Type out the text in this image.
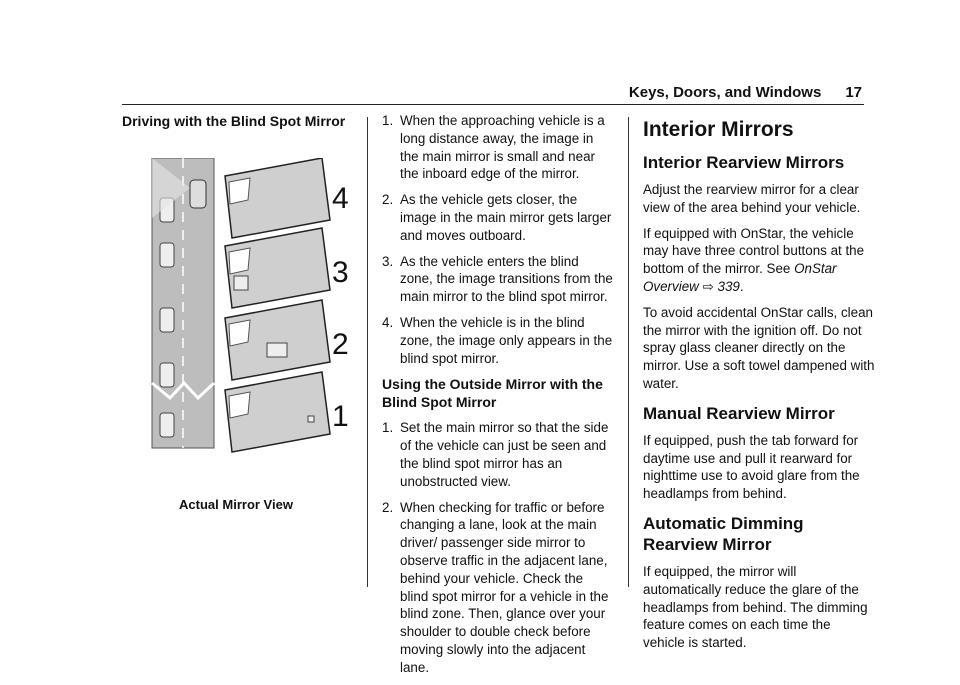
Keys, Doors, and Windows 17
Driving with the Blind Spot Mirror
4
3
2
1
Actual Mirror View
1. When the approaching vehicle is a long distance away, the image in the main mirror is small and near the inboard edge of the mirror.
2. As the vehicle gets closer, the image in the main mirror gets larger and moves outboard.
3. As the vehicle enters the blind zone, the image transitions from the main mirror to the blind spot mirror.
4. When the vehicle is in the blind zone, the image only appears in the blind spot mirror.
Using the Outside Mirror with the Blind Spot Mirror
1. Set the main mirror so that the side of the vehicle can just be seen and the blind spot mirror has an unobstructed view.
2. When checking for traffic or before changing a lane, look at the main driver/ passenger side mirror to observe traffic in the adjacent lane, behind your vehicle. Check the blind spot mirror for a vehicle in the blind zone. Then, glance over your shoulder to double check before moving slowly into the adjacent lane.
Interior Mirrors
Interior Rearview Mirrors

Adjust the rearview mirror for a clear view of the area behind your vehicle.

If equipped with OnStar, the vehicle may have three control buttons at the bottom of the mirror. See OnStar Overview ⇨ 339.

To avoid accidental OnStar calls, clean the mirror with the ignition off. Do not spray glass cleaner directly on the mirror. Use a soft towel dampened with water.

Manual Rearview Mirror

If equipped, push the tab forward for daytime use and pull it rearward for nighttime use to avoid glare from the headlamps from behind.

Automatic Dimming Rearview Mirror

If equipped, the mirror will automatically reduce the glare of the headlamps from behind. The dimming feature comes on each time the vehicle is started.
